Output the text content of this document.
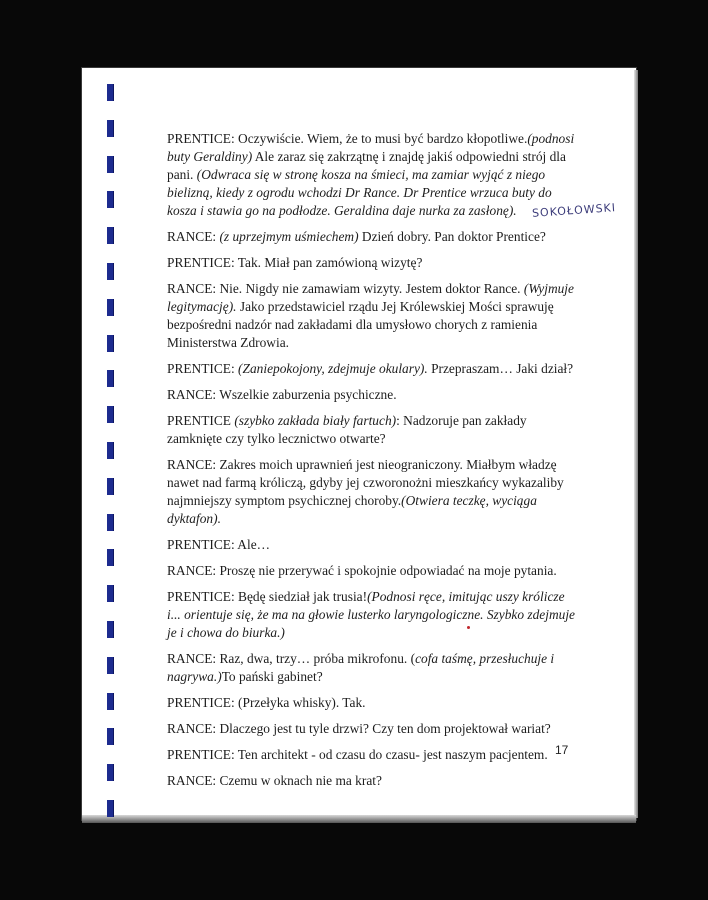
PRENTICE: Oczywiście. Wiem, że to musi być bardzo kłopotliwe.(podnosi buty Geraldiny) Ale zaraz się zakrzątnę i znajdę jakiś odpowiedni strój dla pani. (Odwraca się w stronę kosza na śmieci, ma zamiar wyjąć z niego bielizną, kiedy z ogrodu wchodzi Dr Rance. Dr Prentice wrzuca buty do kosza i stawia go na podłodze. Geraldina daje nurka za zasłonę).

RANCE: (z uprzejmym uśmiechem) Dzień dobry. Pan doktor Prentice?

PRENTICE: Tak. Miał pan zamówioną wizytę?

RANCE: Nie. Nigdy nie zamawiam wizyty. Jestem doktor Rance. (Wyjmuje legitymację). Jako przedstawiciel rządu Jej Królewskiej Mości sprawuję bezpośredni nadzór nad zakładami dla umysłowo chorych z ramienia Ministerstwa Zdrowia.

PRENTICE: (Zaniepokojony, zdejmuje okulary). Przepraszam… Jaki dział?

RANCE: Wszelkie zaburzenia psychiczne.

PRENTICE (szybko zakłada biały fartuch): Nadzoruje pan zakłady zamknięte czy tylko lecznictwo otwarte?

RANCE: Zakres moich uprawnień jest nieograniczony. Miałbym władzę nawet nad farmą króliczą, gdyby jej czworonożni mieszkańcy wykazaliby najmniejszy symptom psychicznej choroby.(Otwiera teczkę, wyciąga dyktafon).

PRENTICE: Ale…

RANCE: Proszę nie przerywać i spokojnie odpowiadać na moje pytania.

PRENTICE: Będę siedział jak trusia!(Podnosi ręce, imitując uszy królicze i... orientuje się, że ma na głowie lusterko laryngologiczne. Szybko zdejmuje je i chowa do biurka.)

RANCE: Raz, dwa, trzy… próba mikrofonu. (cofa taśmę, przesłuchuje i nagrywa.)To pański gabinet?

PRENTICE: (Przełyka whisky). Tak.

RANCE: Dlaczego jest tu tyle drzwi? Czy ten dom projektował wariat?

PRENTICE: Ten architekt - od czasu do czasu- jest naszym pacjentem.

RANCE: Czemu w oknach nie ma krat?

SOKOŁOWSKI
17
